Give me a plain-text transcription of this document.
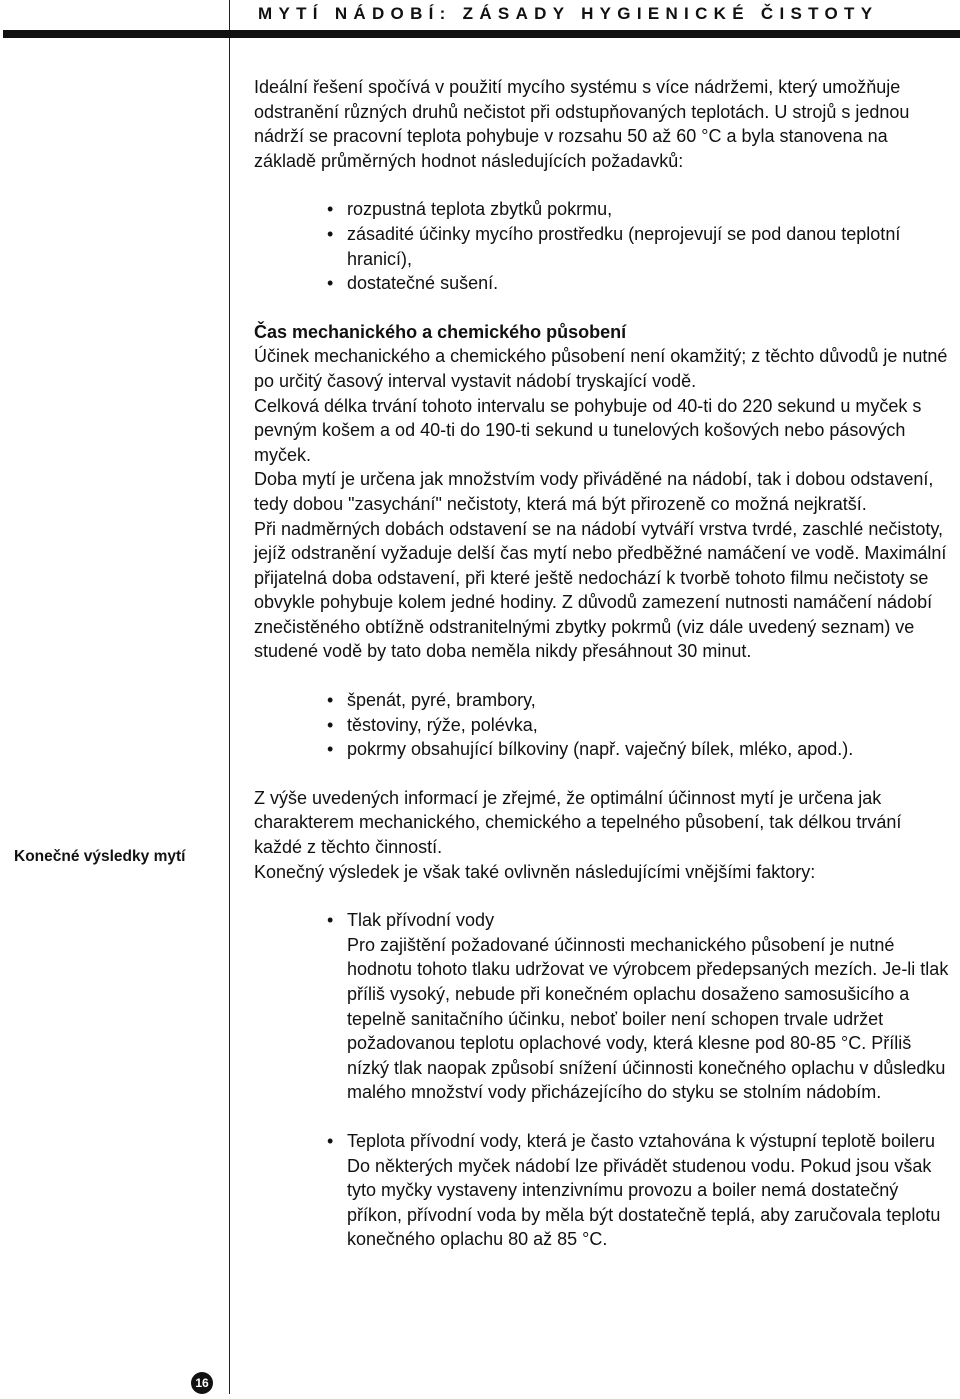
MYTÍ NÁDOBÍ: ZÁSADY HYGIENICKÉ ČISTOTY
Konečné výsledky mytí

Ideální řešení spočívá v použití mycího systému s více nádržemi, který umožňuje odstranění různých druhů nečistot při odstupňovaných teplotách. U strojů s jednou nádrží se pracovní teplota pohybuje v rozsahu 50 až 60 °C a byla stanovena na základě průměrných hodnot následujících požadavků:

• rozpustná teplota zbytků pokrmu,
• zásadité účinky mycího prostředku (neprojevují se pod danou teplotní hranicí),
• dostatečné sušení.

Čas mechanického a chemického působení

Účinek mechanického a chemického působení není okamžitý; z těchto důvodů je nutné po určitý časový interval vystavit nádobí tryskající vodě.

Celková délka trvání tohoto intervalu se pohybuje od 40-ti do 220 sekund u myček s pevným košem a od 40-ti do 190-ti sekund u tunelových košových nebo pásových myček.

Doba mytí je určena jak množstvím vody přiváděné na nádobí, tak i dobou odstavení, tedy dobou "zasychání" nečistoty, která má být přirozeně co možná nejkratší.

Při nadměrných dobách odstavení se na nádobí vytváří vrstva tvrdé, zaschlé nečistoty, jejíž odstranění vyžaduje delší čas mytí nebo předběžné namáčení ve vodě. Maximální přijatelná doba odstavení, při které ještě nedochází k tvorbě tohoto filmu nečistoty se obvykle pohybuje kolem jedné hodiny. Z důvodů zamezení nutnosti namáčení nádobí znečistěného obtížně odstranitelnými zbytky pokrmů (viz dále uvedený seznam) ve studené vodě by tato doba neměla nikdy přesáhnout 30 minut.

• špenát, pyré, brambory,
• těstoviny, rýže, polévka,
• pokrmy obsahující bílkoviny (např. vaječný bílek, mléko, apod.).

Z výše uvedených informací je zřejmé, že optimální účinnost mytí je určena jak charakterem mechanického, chemického a tepelného působení, tak délkou trvání každé z těchto činností.

Konečný výsledek je však také ovlivněn následujícími vnějšími faktory:

• Tlak přívodní vody
Pro zajištění požadované účinnosti mechanického působení je nutné hodnotu tohoto tlaku udržovat ve výrobcem předepsaných mezích. Je-li tlak příliš vysoký, nebude při konečném oplachu dosaženo samosušicího a tepelně sanitačního účinku, neboť boiler není schopen trvale udržet požadovanou teplotu oplachové vody, která klesne pod 80-85 °C. Příliš nízký tlak naopak způsobí snížení účinnosti konečného oplachu v důsledku malého množství vody přicházejícího do styku se stolním nádobím.
• Teplota přívodní vody, která je často vztahována k výstupní teplotě boileru
Do některých myček nádobí lze přivádět studenou vodu. Pokud jsou však tyto myčky vystaveny intenzivnímu provozu a boiler nemá dostatečný příkon, přívodní voda by měla být dostatečně teplá, aby zaručovala teplotu konečného oplachu 80 až 85 °C.
16
